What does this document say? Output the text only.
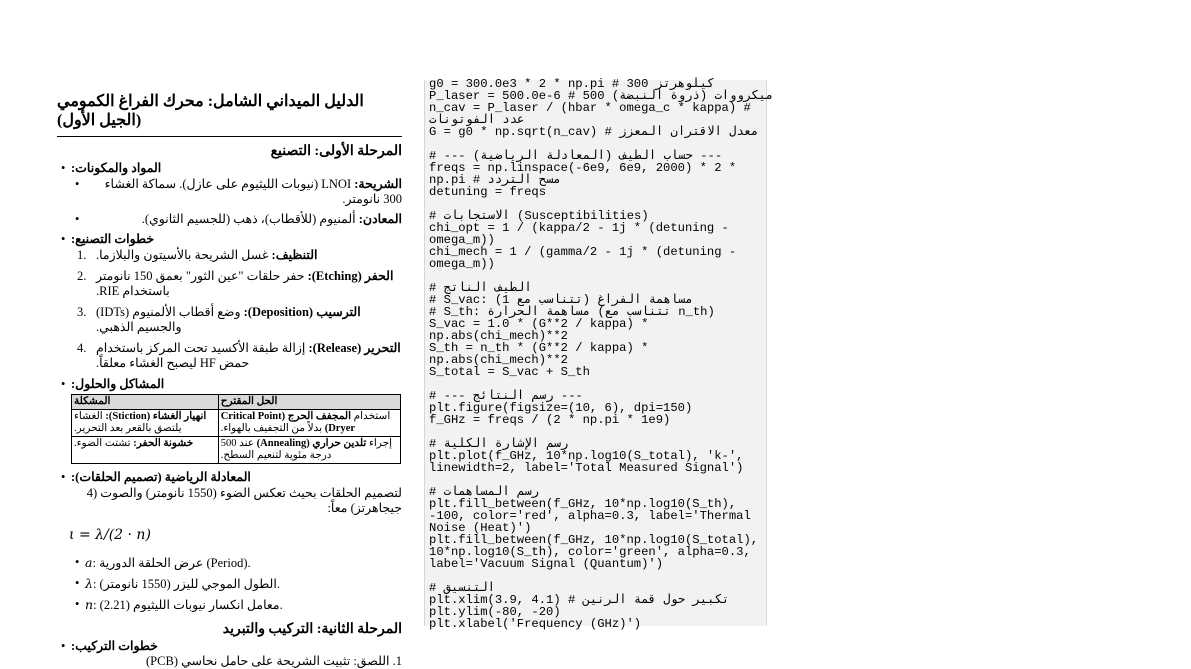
الدليل الميداني الشامل: محرك الفراغ الكمومي (الجيل الأول)
المرحلة الأولى: التصنيع
• المواد والمكونات:
• الشريحة: LNOI (نيوبات الليثيوم على عازل). سماكة الغشاء 300 نانومتر.
• المعادن: ألمنيوم (للأقطاب)، ذهب (للجسيم الثانوي).
• خطوات التصنيع:
1.	التنظيف: غسل الشريحة بالأسيتون والبلازما.
2.	الحفر (Etching): حفر حلقات "عين الثور" بعمق 150 نانومتر باستخدام RIE.
3.	الترسيب (Deposition): وضع أقطاب الألمنيوم (IDTs) والجسيم الذهبي.
4.	التحرير (Release): إزالة طبقة الأكسيد تحت المركز باستخدام حمض HF ليصبح الغشاء معلقاً.
• المشاكل والحلول:
المشكلة	الحل المقترح
انهيار الغشاء (Stiction): الغشاء يلتصق بالقعر بعد التحرير.	استخدام المجفف الحرج (Critical Point Dryer) بدلاً من التجفيف بالهواء.
خشونة الحفر: تشتت الضوء.	إجراء تلدين حراري (Annealing) عند 500 درجة مئوية لتنعيم السطح.
• المعادلة الرياضية (تصميم الحلقات):
لتصميم الحلقات بحيث تعكس الضوء (1550 نانومتر) والصوت (4 جيجاهرتز) معاً:
ι = λ/(2 · n)
• a: عرض الحلقة الدورية (Period).
• λ: الطول الموجي لليزر (1550 نانومتر).
• n: معامل انكسار نيوبات الليثيوم (2.21).
المرحلة الثانية: التركيب والتبريد
• خطوات التركيب:
1. اللصق: تثبيت الشريحة على حامل نحاسي (PCB)
g0 = 300.0e3 * 2 * np.pi # 300 كيلوهرتز
P_laser = 500.0e-6 # 500 ميكرووات (ذروة النبضة)
n_cav = P_laser / (hbar * omega_c * kappa) #
عدد الفوتونات
G = g0 * np.sqrt(n_cav) # معدل الاقتران المعزز
# --- حساب الطيف (المعادلة الرياضية) ---
freqs = np.linspace(-6e9, 6e9, 2000) * 2 *
np.pi # مسح التردد
detuning = freqs
# الاستجابات (Susceptibilities)
chi_opt = 1 / (kappa/2 - 1j * (detuning -
omega_m))
chi_mech = 1 / (gamma/2 - 1j * (detuning -
omega_m))
# الطيف الناتج
# S_vac: مساهمة الفراغ (تتناسب مع 1)
# S_th: مساهمة الحرارة (تتناسب مع n_th)
S_vac = 1.0 * (G**2 / kappa) *
np.abs(chi_mech)**2
S_th = n_th * (G**2 / kappa) *
np.abs(chi_mech)**2
S_total = S_vac + S_th
# --- رسم النتائج ---
plt.figure(figsize=(10, 6), dpi=150)
f_GHz = freqs / (2 * np.pi * 1e9)
# رسم الإشارة الكلية
plt.plot(f_GHz, 10*np.log10(S_total), 'k-',
linewidth=2, label='Total Measured Signal')
# رسم المساهمات
plt.fill_between(f_GHz, 10*np.log10(S_th),
-100, color='red', alpha=0.3, label='Thermal
Noise (Heat)')
plt.fill_between(f_GHz, 10*np.log10(S_total),
10*np.log10(S_th), color='green', alpha=0.3,
label='Vacuum Signal (Quantum)')
# التنسيق
plt.xlim(3.9, 4.1) # تكبير حول قمة الرنين
plt.ylim(-80, -20)
plt.xlabel('Frequency (GHz)')
